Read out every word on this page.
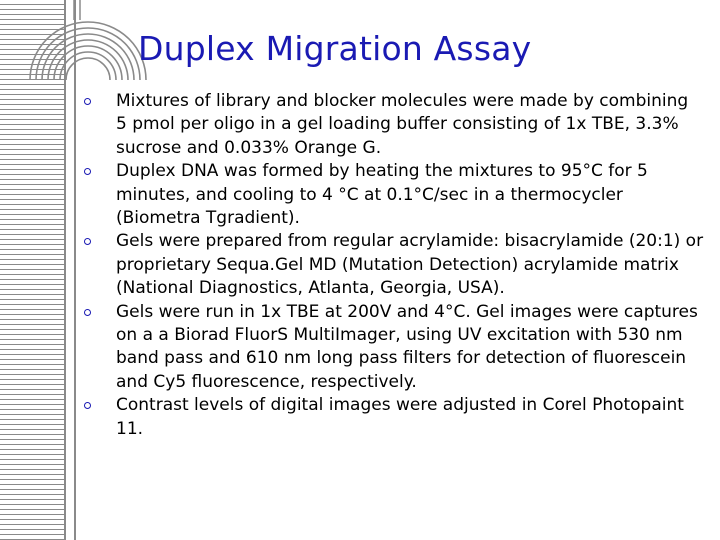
Duplex Migration Assay
Mixtures of library and blocker molecules were made by combining 5 pmol per oligo in a gel loading buffer consisting of 1x TBE, 3.3% sucrose and 0.033% Orange G.
Duplex DNA was formed by heating the mixtures to 95°C for 5 minutes, and cooling to 4 °C at 0.1°C/sec in a thermocycler (Biometra Tgradient).
Gels were prepared from regular acrylamide: bisacrylamide (20:1) or proprietary Sequa.Gel MD (Mutation Detection) acrylamide matrix (National Diagnostics, Atlanta, Georgia, USA).
Gels were run in 1x TBE at 200V and 4°C. Gel images were captures on a a Biorad FluorS MultiImager, using UV excitation with 530 nm band pass and 610 nm long pass filters for detection of fluorescein and Cy5 fluorescence, respectively.
Contrast levels of digital images were adjusted in Corel Photopaint 11.
